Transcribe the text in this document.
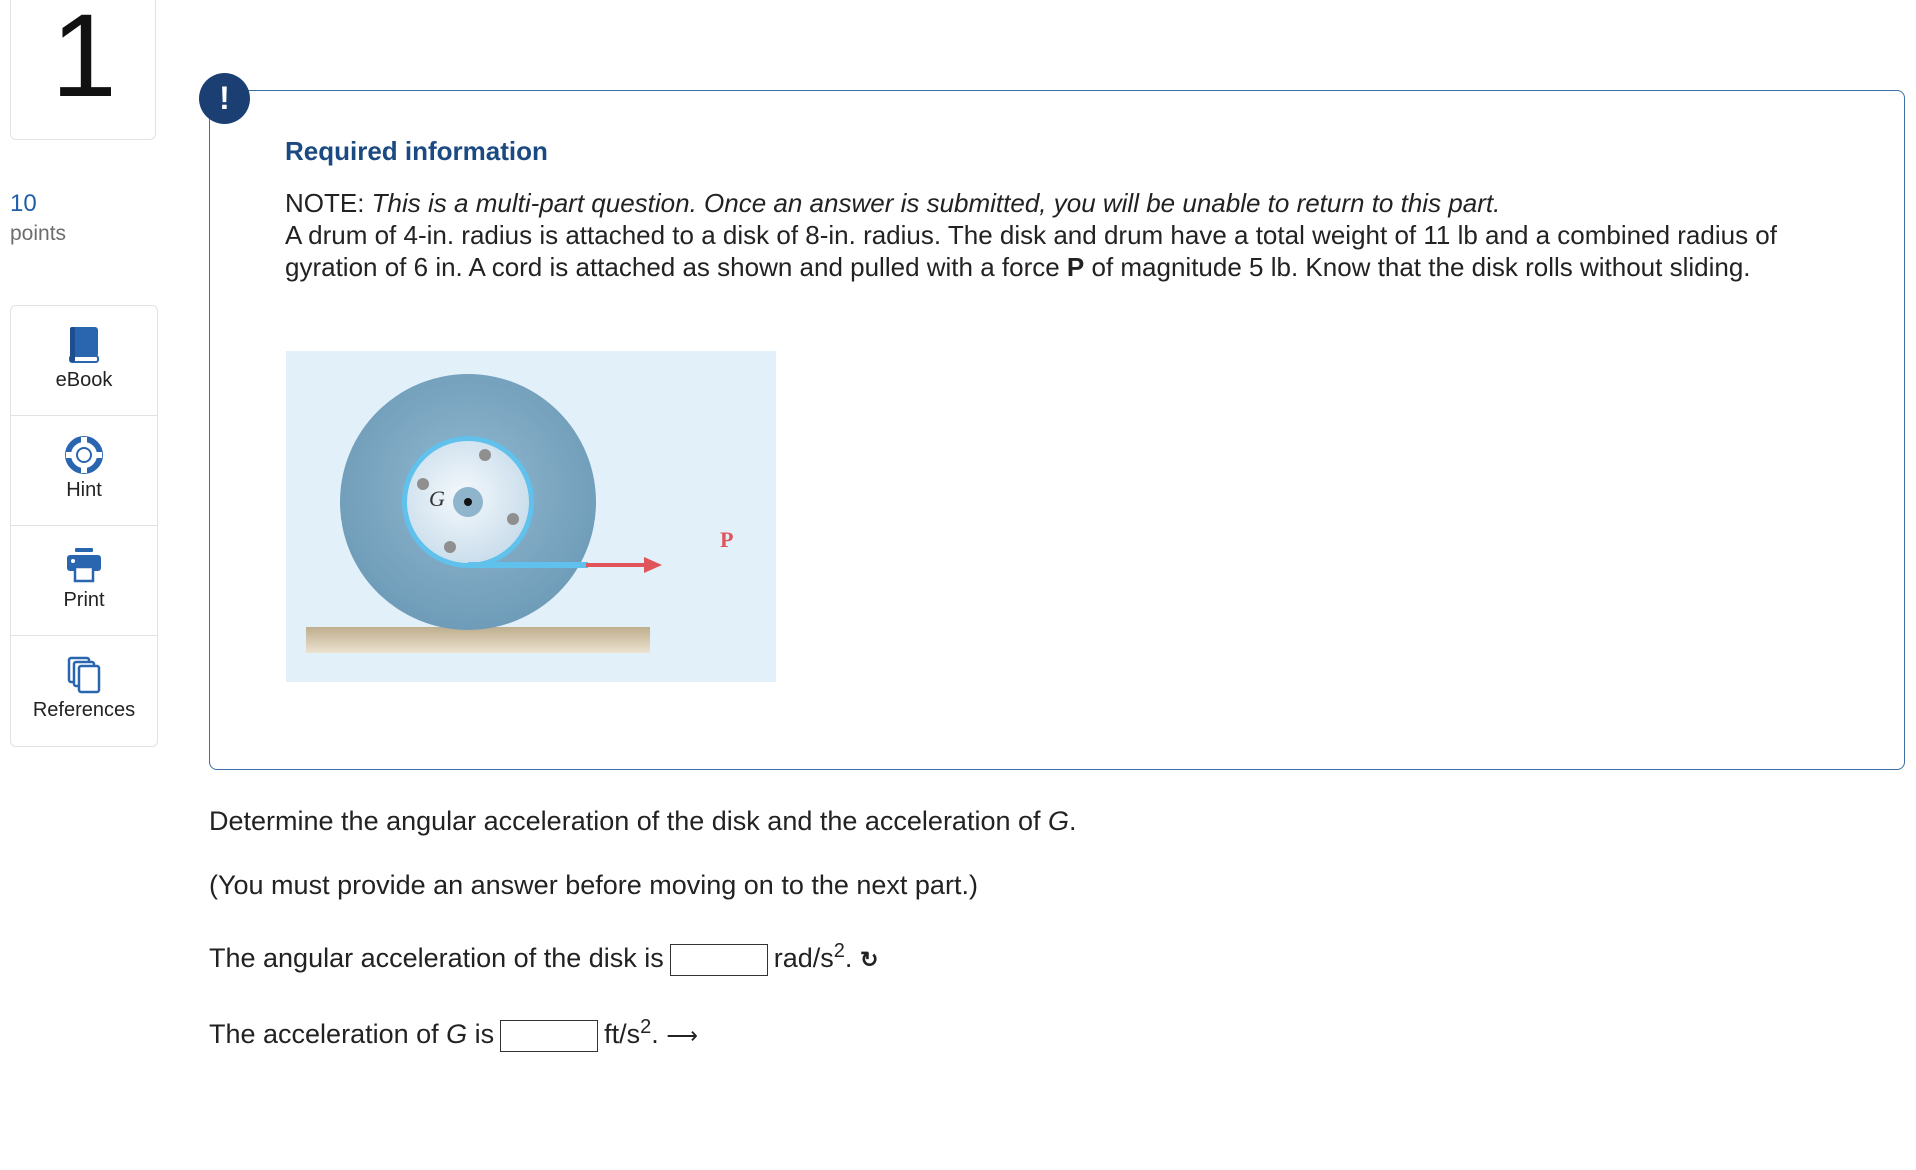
1
10
points
eBook
Hint
Print
References
!
Required information
NOTE: This is a multi-part question. Once an answer is submitted, you will be unable to return to this part.
A drum of 4-in. radius is attached to a disk of 8-in. radius. The disk and drum have a total weight of 11 lb and a combined radius of gyration of 6 in. A cord is attached as shown and pulled with a force P of magnitude 5 lb. Know that the disk rolls without sliding.
G
P
Determine the angular acceleration of the disk and the acceleration of G.
(You must provide an answer before moving on to the next part.)
The angular acceleration of the disk is	rad/$s^2$. ↻
The acceleration of G is	$ft/s^2$. ⟶
